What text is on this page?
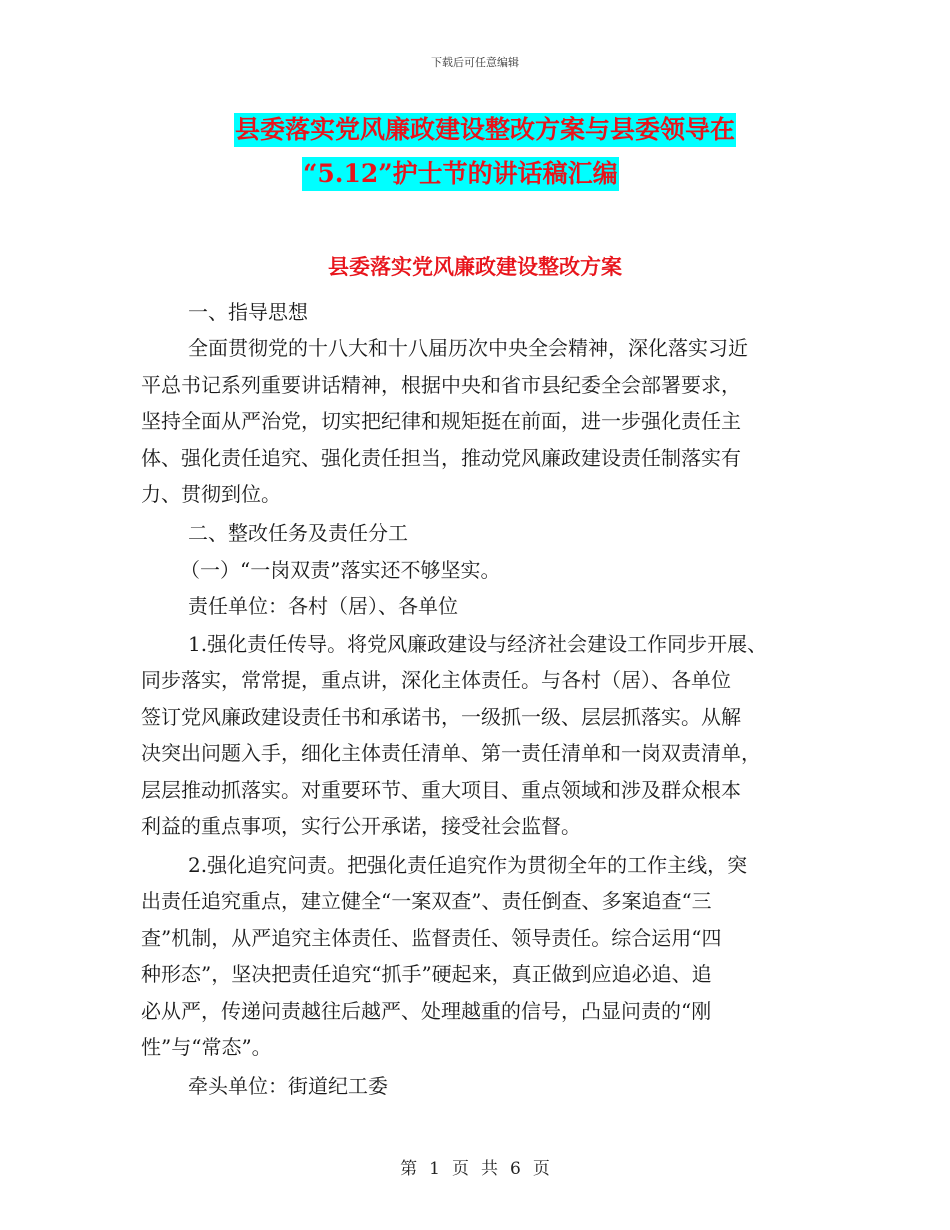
下载后可任意编辑
县委落实党风廉政建设整改方案与县委领导在
“5.12”护士节的讲话稿汇编
县委落实党风廉政建设整改方案
一、指导思想
全面贯彻党的十八大和十八届历次中央全会精神，深化落实习近
平总书记系列重要讲话精神，根据中央和省市县纪委全会部署要求，
坚持全面从严治党，切实把纪律和规矩挺在前面，进一步强化责任主
体、强化责任追究、强化责任担当，推动党风廉政建设责任制落实有
力、贯彻到位。
二、整改任务及责任分工
（一）“一岗双责”落实还不够坚实。
责任单位：各村（居）、各单位
1.强化责任传导。将党风廉政建设与经济社会建设工作同步开展、
同步落实，常常提，重点讲，深化主体责任。与各村（居）、各单位
签订党风廉政建设责任书和承诺书，一级抓一级、层层抓落实。从解
决突出问题入手，细化主体责任清单、第一责任清单和一岗双责清单，
层层推动抓落实。对重要环节、重大项目、重点领域和涉及群众根本
利益的重点事项，实行公开承诺，接受社会监督。
2.强化追究问责。把强化责任追究作为贯彻全年的工作主线，突
出责任追究重点，建立健全“一案双查”、责任倒查、多案追查“三
查”机制，从严追究主体责任、监督责任、领导责任。综合运用“四
种形态”，坚决把责任追究“抓手”硬起来，真正做到应追必追、追
必从严，传递问责越往后越严、处理越重的信号，凸显问责的“刚
性”与“常态”。
牵头单位：街道纪工委
第 1 页 共 6 页
